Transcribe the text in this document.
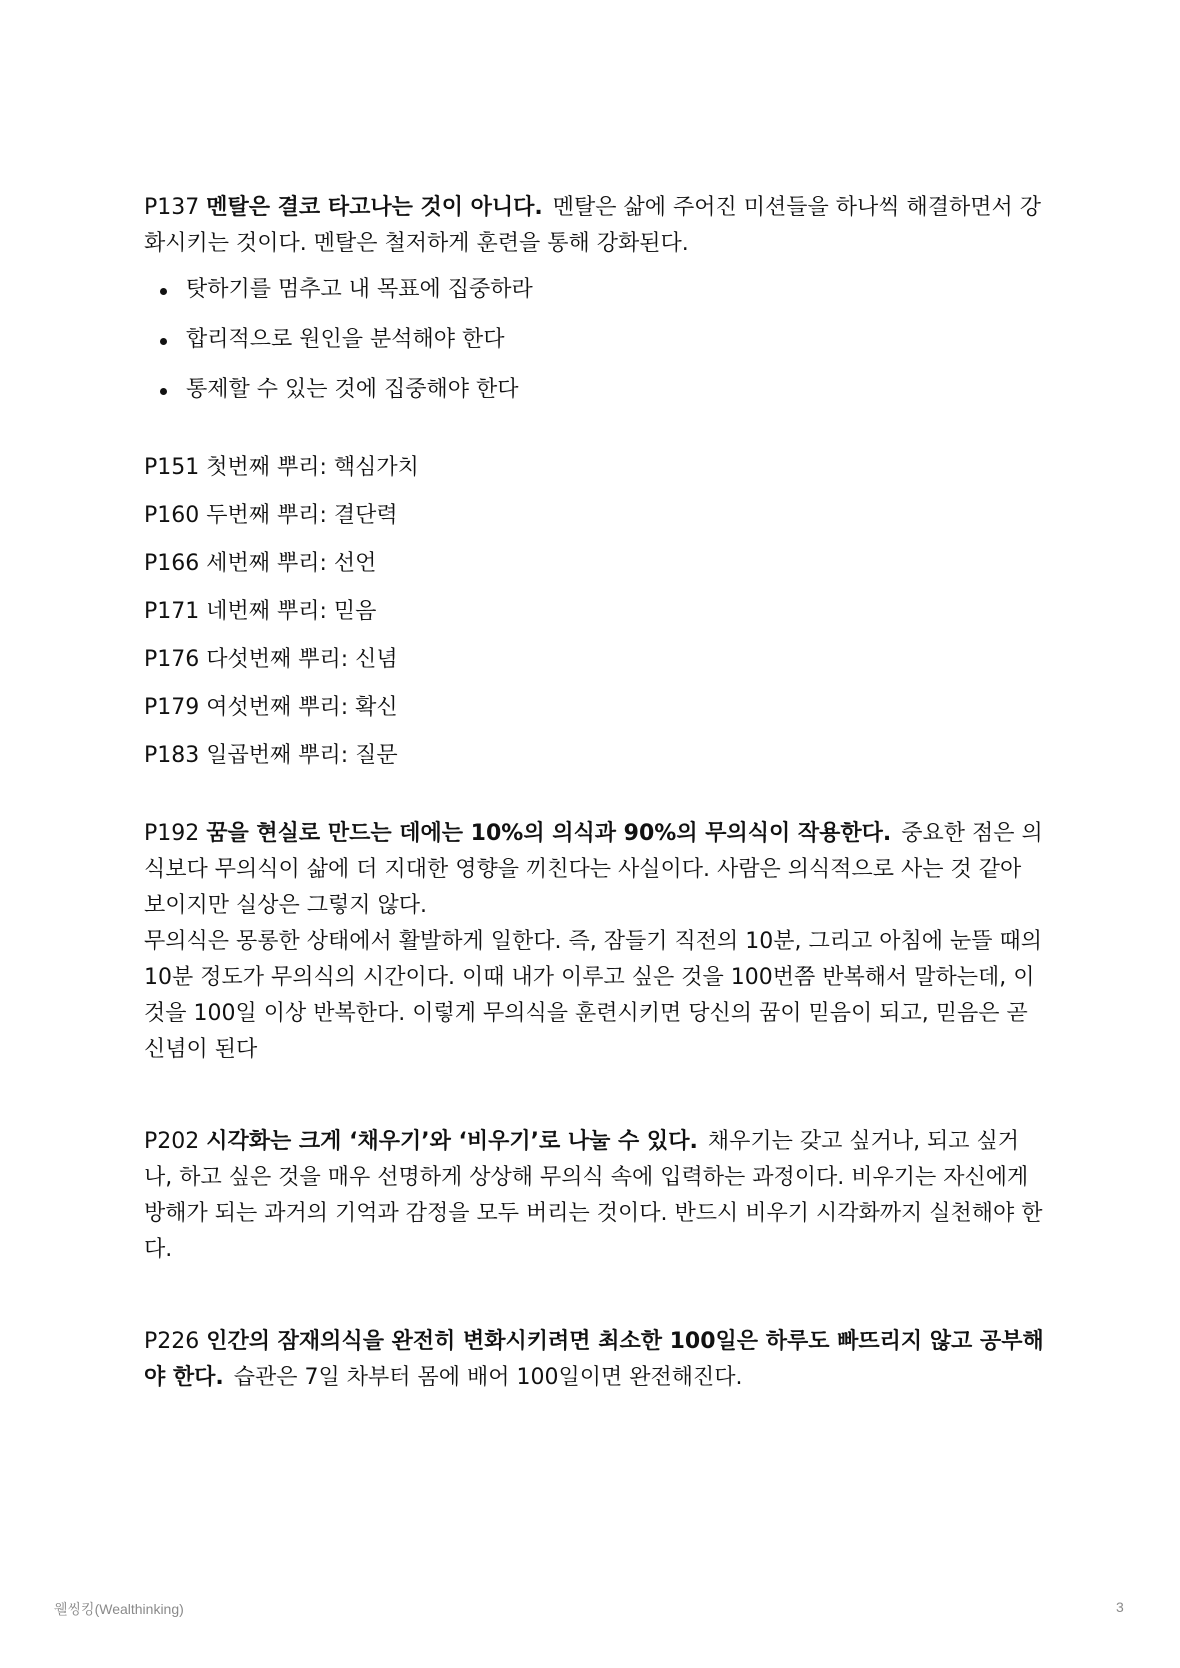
P137 멘탈은 결코 타고나는 것이 아니다. 멘탈은 삶에 주어진 미션들을 하나씩 해결하면서 강화시키는 것이다. 멘탈은 철저하게 훈련을 통해 강화된다.

탓하기를 멈추고 내 목표에 집중하라
합리적으로 원인을 분석해야 한다
통제할 수 있는 것에 집중해야 한다

P151 첫번째 뿌리: 핵심가치

P160 두번째 뿌리: 결단력

P166 세번째 뿌리: 선언

P171 네번째 뿌리: 믿음

P176 다섯번째 뿌리: 신념

P179 여섯번째 뿌리: 확신

P183 일곱번째 뿌리: 질문

P192 꿈을 현실로 만드는 데에는 10%의 의식과 90%의 무의식이 작용한다. 중요한 점은 의식보다 무의식이 삶에 더 지대한 영향을 끼친다는 사실이다. 사람은 의식적으로 사는 것 같아 보이지만 실상은 그렇지 않다.

무의식은 몽롱한 상태에서 활발하게 일한다. 즉, 잠들기 직전의 10분, 그리고 아침에 눈뜰 때의 10분 정도가 무의식의 시간이다. 이때 내가 이루고 싶은 것을 100번쯤 반복해서 말하는데, 이것을 100일 이상 반복한다. 이렇게 무의식을 훈련시키면 당신의 꿈이 믿음이 되고, 믿음은 곧 신념이 된다

P202 시각화는 크게 ‘채우기’와 ‘비우기’로 나눌 수 있다. 채우기는 갖고 싶거나, 되고 싶거나, 하고 싶은 것을 매우 선명하게 상상해 무의식 속에 입력하는 과정이다. 비우기는 자신에게 방해가 되는 과거의 기억과 감정을 모두 버리는 것이다. 반드시 비우기 시각화까지 실천해야 한다.

P226 인간의 잠재의식을 완전히 변화시키려면 최소한 100일은 하루도 빠뜨리지 않고 공부해야 한다. 습관은 7일 차부터 몸에 배어 100일이면 완전해진다.

웰씽킹(Wealthinking)	3
